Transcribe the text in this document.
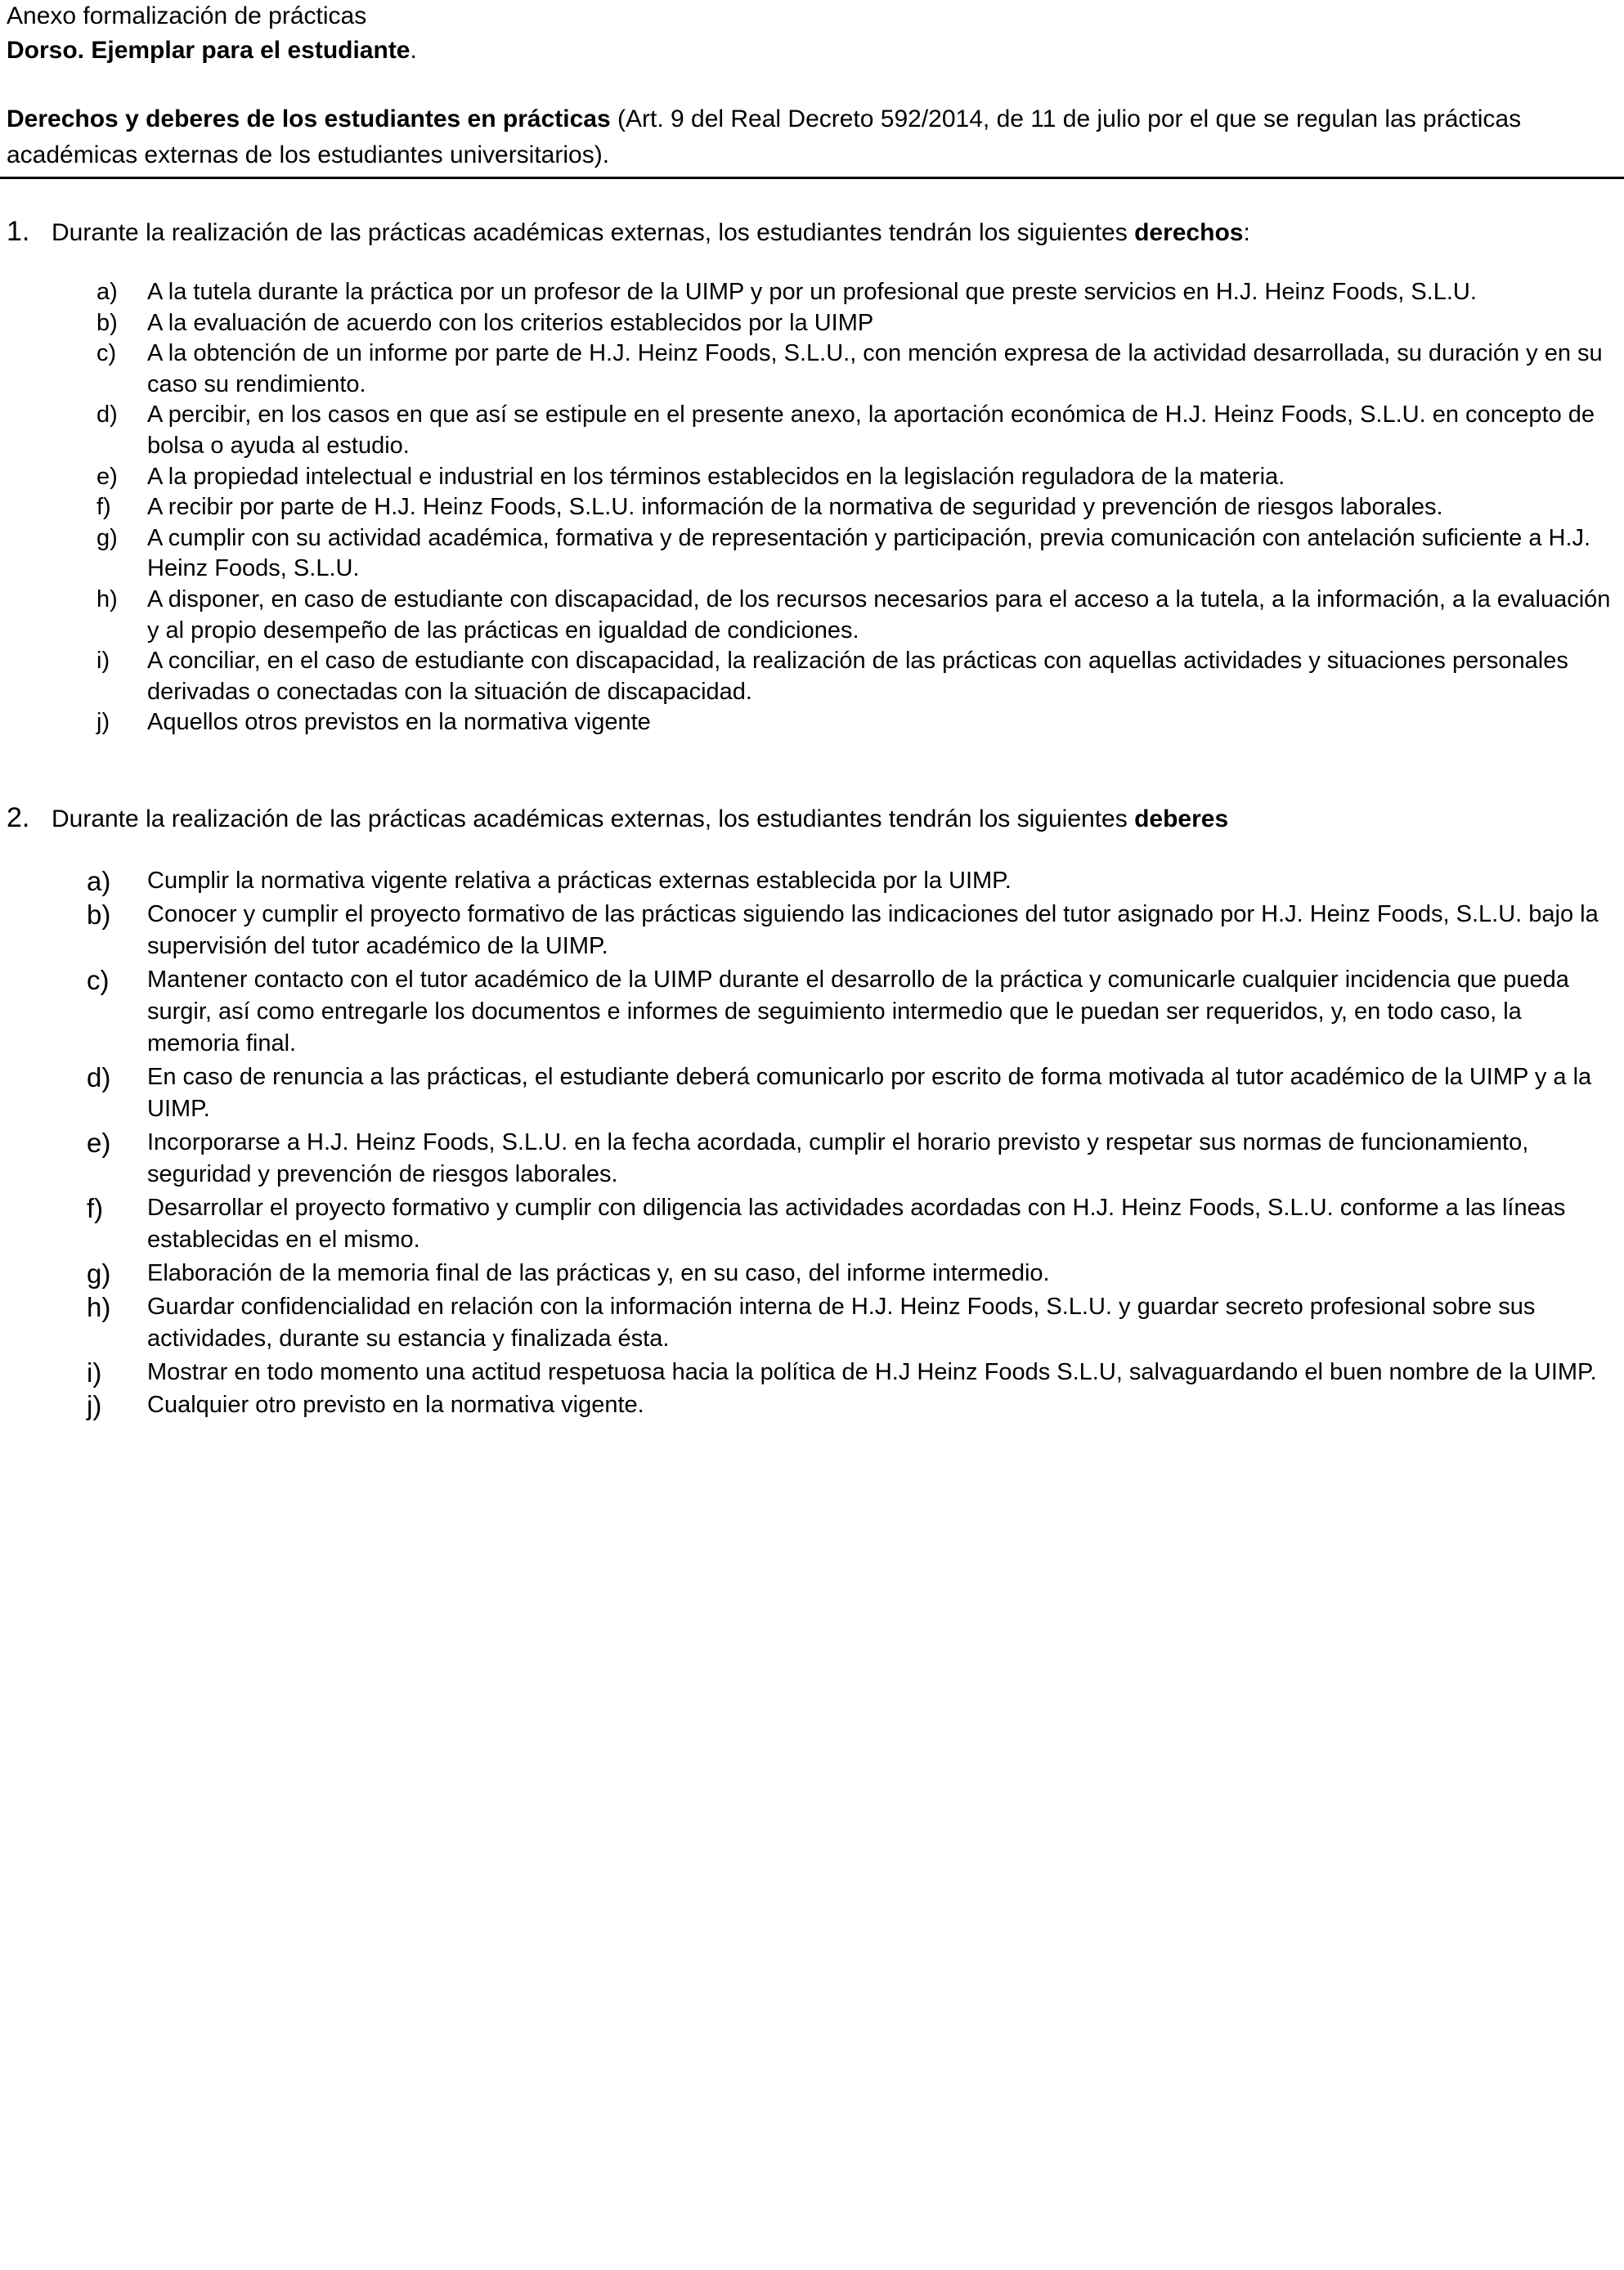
Anexo formalización de prácticas
Dorso. Ejemplar para el estudiante.
Derechos y deberes de los estudiantes en prácticas (Art. 9 del Real Decreto 592/2014, de 11 de julio por el que se regulan las prácticas académicas externas de los estudiantes universitarios).
1. Durante la realización de las prácticas académicas externas, los estudiantes tendrán los siguientes derechos:
a) A la tutela durante la práctica por un profesor de la UIMP y por un profesional que preste servicios en H.J. Heinz Foods, S.L.U.
b) A la evaluación de acuerdo con los criterios establecidos por la UIMP
c) A la obtención de un informe por parte de H.J. Heinz Foods, S.L.U., con mención expresa de la actividad desarrollada, su duración y en su caso su rendimiento.
d) A percibir, en los casos en que así se estipule en el presente anexo, la aportación económica de H.J. Heinz Foods, S.L.U. en concepto de bolsa o ayuda al estudio.
e) A la propiedad intelectual e industrial en los términos establecidos en la legislación reguladora de la materia.
f) A recibir por parte de H.J. Heinz Foods, S.L.U. información de la normativa de seguridad y prevención de riesgos laborales.
g) A cumplir con su actividad académica, formativa y de representación y participación, previa comunicación con antelación suficiente a H.J. Heinz Foods, S.L.U.
h) A disponer, en caso de estudiante con discapacidad, de los recursos necesarios para el acceso a la tutela, a la información, a la evaluación y al propio desempeño de las prácticas en igualdad de condiciones.
i) A conciliar, en el caso de estudiante con discapacidad, la realización de las prácticas con aquellas actividades y situaciones personales derivadas o conectadas con la situación de discapacidad.
j) Aquellos otros previstos en la normativa vigente
2. Durante la realización de las prácticas académicas externas, los estudiantes tendrán los siguientes deberes
a) Cumplir la normativa vigente relativa a prácticas externas establecida por la UIMP.
b) Conocer y cumplir el proyecto formativo de las prácticas siguiendo las indicaciones del tutor asignado por H.J. Heinz Foods, S.L.U. bajo la supervisión del tutor académico de la UIMP.
c) Mantener contacto con el tutor académico de la UIMP durante el desarrollo de la práctica y comunicarle cualquier incidencia que pueda surgir, así como entregarle los documentos e informes de seguimiento intermedio que le puedan ser requeridos, y, en todo caso, la memoria final.
d) En caso de renuncia a las prácticas, el estudiante deberá comunicarlo por escrito de forma motivada al tutor académico de la UIMP y a la UIMP.
e) Incorporarse a H.J. Heinz Foods, S.L.U. en la fecha acordada, cumplir el horario previsto y respetar sus normas de funcionamiento, seguridad y prevención de riesgos laborales.
f) Desarrollar el proyecto formativo y cumplir con diligencia las actividades acordadas con H.J. Heinz Foods, S.L.U. conforme a las líneas establecidas en el mismo.
g) Elaboración de la memoria final de las prácticas y, en su caso, del informe intermedio.
h) Guardar confidencialidad en relación con la información interna de H.J. Heinz Foods, S.L.U. y guardar secreto profesional sobre sus actividades, durante su estancia y finalizada ésta.
i) Mostrar en todo momento una actitud respetuosa hacia la política de H.J Heinz Foods S.L.U, salvaguardando el buen nombre de la UIMP.
j) Cualquier otro previsto en la normativa vigente.
